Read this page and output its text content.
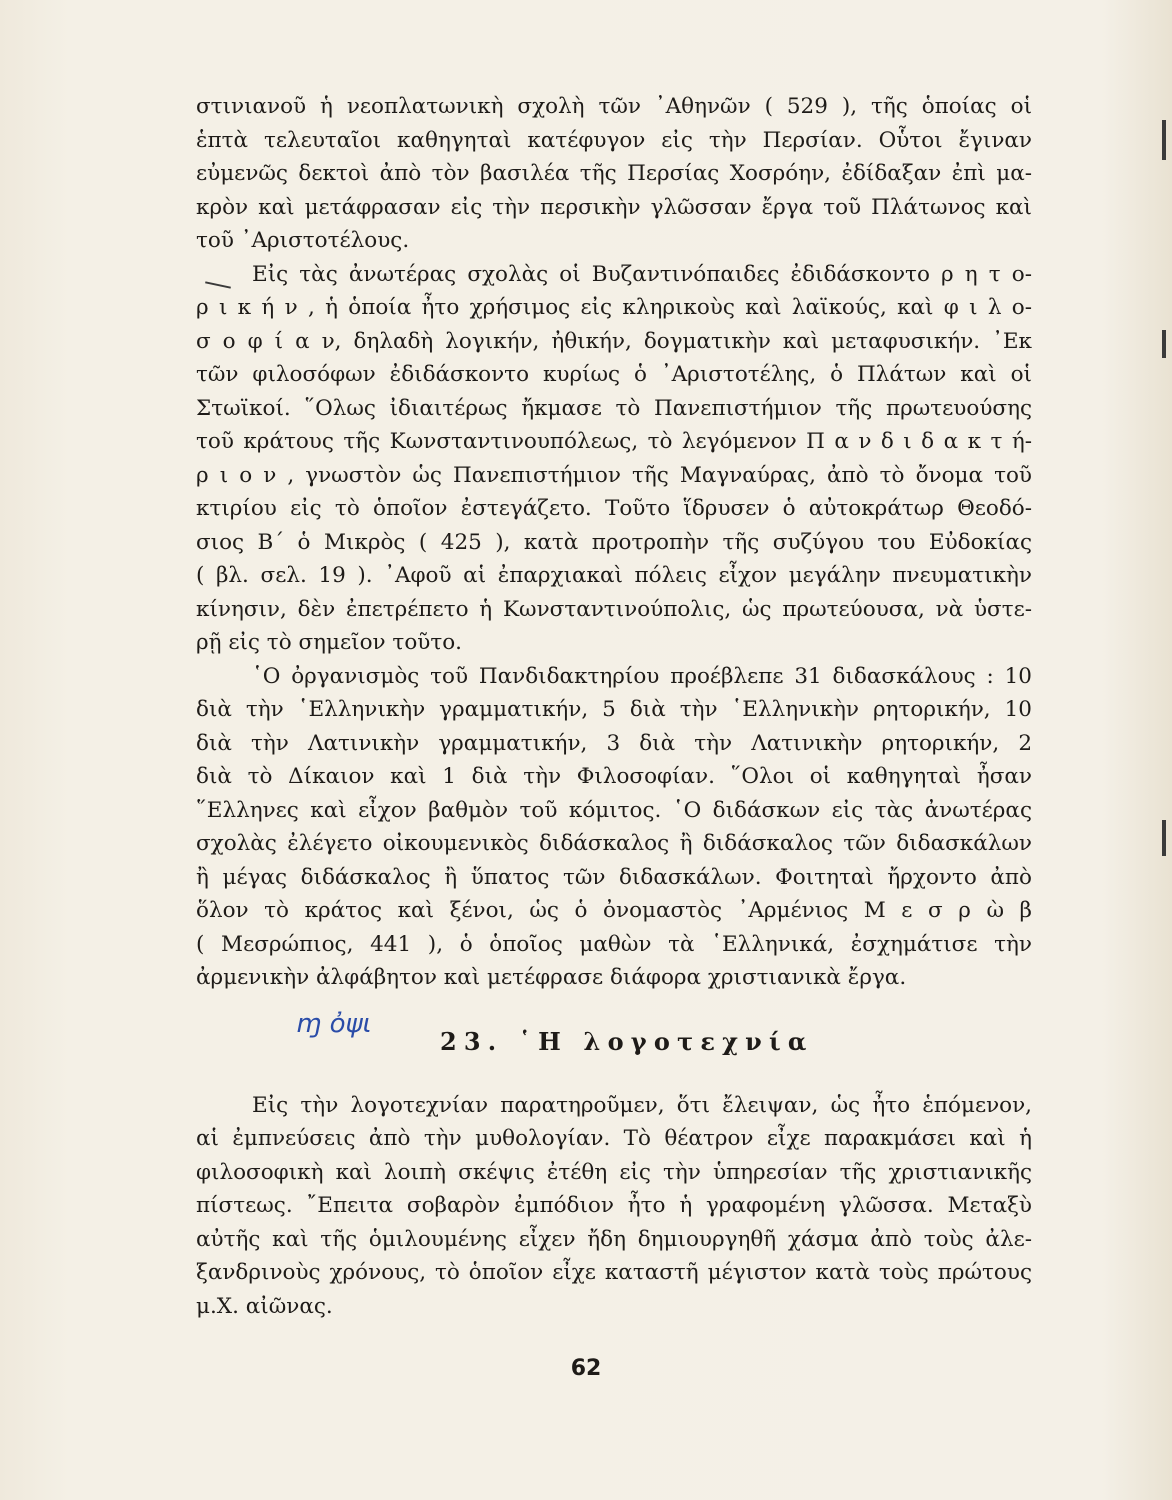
στινιανοῦ ἡ νεοπλατωνικὴ σχολὴ τῶν ᾿Αθηνῶν ( 529 ), τῆς ὁποίας οἱ
ἑπτὰ τελευταῖοι καθηγηταὶ κατέφυγον εἰς τὴν Περσίαν. Οὗτοι ἔγιναν
εὐμενῶς δεκτοὶ ἀπὸ τὸν βασιλέα τῆς Περσίας Χοσρόην, ἐδίδαξαν ἐπὶ μα-
κρὸν καὶ μετάφρασαν εἰς τὴν περσικὴν γλῶσσαν ἔργα τοῦ Πλάτωνος καὶ
τοῦ ᾿Αριστοτέλους.
Εἰς τὰς ἀνωτέρας σχολὰς οἱ Βυζαντινόπαιδες ἐδιδάσκοντο ρ η τ ο-
ρ ι κ ή ν , ἡ ὁποία ἦτο χρήσιμος εἰς κληρικοὺς καὶ λαϊκούς, καὶ φ ι λ ο-
σ ο φ ί α ν, δηλαδὴ λογικήν, ἠθικήν, δογματικὴν καὶ μεταφυσικήν. ᾿Εκ
τῶν φιλοσόφων ἐδιδάσκοντο κυρίως ὁ ᾿Αριστοτέλης, ὁ Πλάτων καὶ οἱ
Στωϊκοί. ῞Ολως ἰδιαιτέρως ἤκμασε τὸ Πανεπιστήμιον τῆς πρωτευούσης
τοῦ κράτους τῆς Κωνσταντινουπόλεως, τὸ λεγόμενον Π α ν δ ι δ α κ τ ή-
ρ ι ο ν , γνωστὸν ὡς Πανεπιστήμιον τῆς Μαγναύρας, ἀπὸ τὸ ὄνομα τοῦ
κτιρίου εἰς τὸ ὁποῖον ἐστεγάζετο. Τοῦτο ἵδρυσεν ὁ αὐτοκράτωρ Θεοδό-
σιος Β΄ ὁ Μικρὸς ( 425 ), κατὰ προτροπὴν τῆς συζύγου του Εὐδοκίας
( βλ. σελ. 19 ). ᾿Αφοῦ αἱ ἐπαρχιακαὶ πόλεις εἶχον μεγάλην πνευματικὴν
κίνησιν, δὲν ἐπετρέπετο ἡ Κωνσταντινούπολις, ὡς πρωτεύουσα, νὰ ὑστε-
ρῇ εἰς τὸ σημεῖον τοῦτο.
῾Ο ὀργανισμὸς τοῦ Πανδιδακτηρίου προέβλεπε 31 διδασκάλους : 10
διὰ τὴν ῾Ελληνικὴν γραμματικήν, 5 διὰ τὴν ῾Ελληνικὴν ρητορικήν, 10
διὰ τὴν Λατινικὴν γραμματικήν, 3 διὰ τὴν Λατινικὴν ρητορικήν, 2
διὰ τὸ Δίκαιον καὶ 1 διὰ τὴν Φιλοσοφίαν. ῞Ολοι οἱ καθηγηταὶ ἦσαν
῞Ελληνες καὶ εἶχον βαθμὸν τοῦ κόμιτος. ῾Ο διδάσκων εἰς τὰς ἀνωτέρας
σχολὰς ἐλέγετο οἰκουμενικὸς διδάσκαλος ἢ διδάσκαλος τῶν διδασκάλων
ἢ μέγας διδάσκαλος ἢ ὕπατος τῶν διδασκάλων. Φοιτηταὶ ἤρχοντο ἀπὸ
ὅλον τὸ κράτος καὶ ξένοι, ὡς ὁ ὀνομαστὸς ᾿Αρμένιος Μ ε σ ρ ὼ β
( Μεσρώπιος, 441 ), ὁ ὁποῖος μαθὼν τὰ ῾Ελληνικά, ἐσχημάτισε τὴν
ἀρμενικὴν ἀλφάβητον καὶ μετέφρασε διάφορα χριστιανικὰ ἔργα.
ɱ ὀψι
23. ῾Η λογοτεχνία
Εἰς τὴν λογοτεχνίαν παρατηροῦμεν, ὅτι ἔλειψαν, ὡς ἦτο ἑπόμενον,
αἱ ἐμπνεύσεις ἀπὸ τὴν μυθολογίαν. Τὸ θέατρον εἶχε παρακμάσει καὶ ἡ
φιλοσοφικὴ καὶ λοιπὴ σκέψις ἐτέθη εἰς τὴν ὑπηρεσίαν τῆς χριστιανικῆς
πίστεως. ῎Επειτα σοβαρὸν ἐμπόδιον ἦτο ἡ γραφομένη γλῶσσα. Μεταξὺ
αὐτῆς καὶ τῆς ὁμιλουμένης εἶχεν ἤδη δημιουργηθῆ χάσμα ἀπὸ τοὺς ἀλε-
ξανδρινοὺς χρόνους, τὸ ὁποῖον εἶχε καταστῆ μέγιστον κατὰ τοὺς πρώτους
μ.Χ. αἰῶνας.
62
